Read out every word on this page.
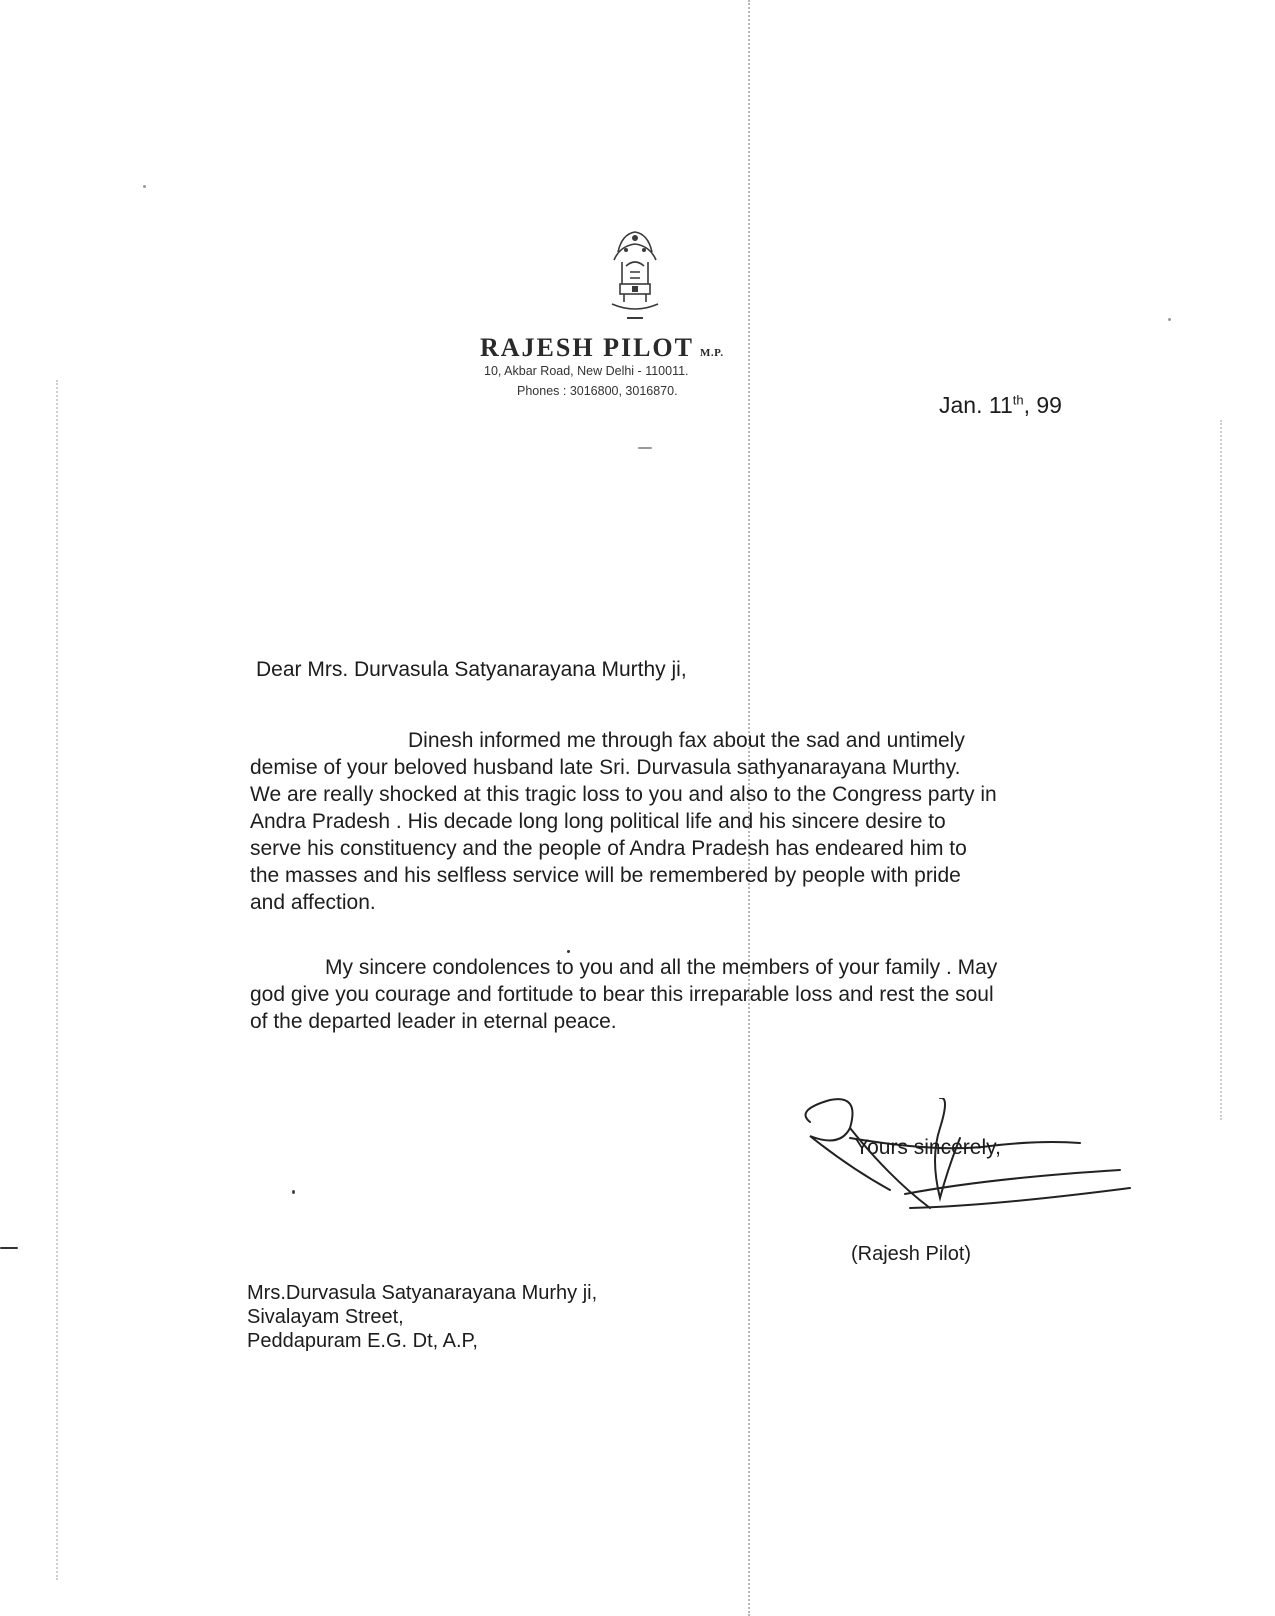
RAJESH PILOT M.P.
10, Akbar Road, New Delhi - 110011.
Phones : 3016800, 3016870.
Jan. 11th, 99
Dear Mrs. Durvasula Satyanarayana Murthy ji,
Dinesh informed me through fax about the sad and untimely
demise of your beloved husband late Sri. Durvasula sathyanarayana Murthy.
We are really shocked at this tragic loss to you and also to the Congress party in
Andra Pradesh . His decade long long political life and his sincere desire to
serve his constituency and the people of Andra Pradesh has endeared him to
the masses and his selfless service will be remembered by people with pride
and affection.
My sincere condolences to you and all the members of your family . May
god give you courage and fortitude to bear this irreparable loss and rest the soul
of the departed leader in eternal peace.
Yours sincerely,
(Rajesh Pilot)
Mrs.Durvasula Satyanarayana Murhy ji,
Sivalayam Street,
Peddapuram E.G. Dt, A.P,
